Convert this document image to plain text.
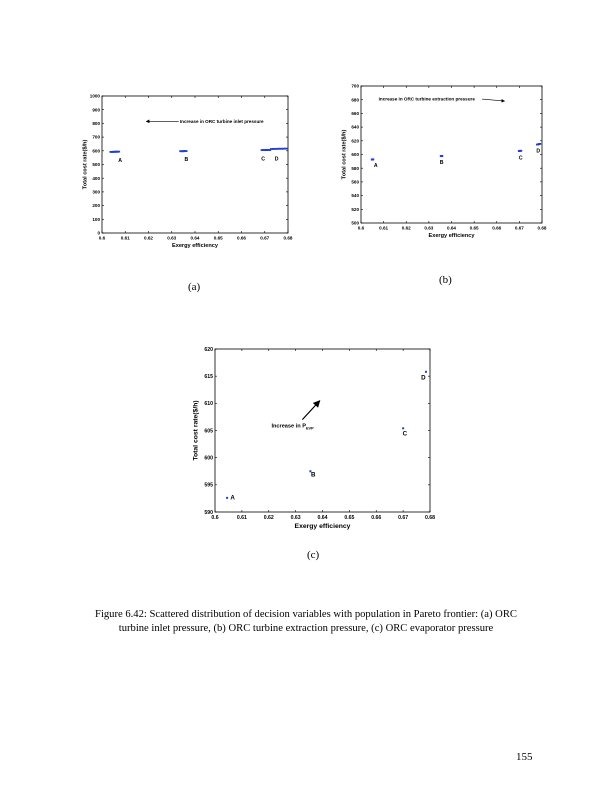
0.6	0.61	0.62	0.63	0.64	0.65	0.66	0.67	0.68
0
100
200
300
400
500
600
700
800
900
1000
Exergy efficiency
Total cost rate($/h)	A	B	C D
Increase in ORC turbine inlet pressure
(a)
0.6	0.61	0.62	0.63	0.64	0.65	0.66	0.67	0.68
500
520
540
560
580
600
620
640
660
680
700
Exergy efficiency
Total cost rate($/h)	A	B
C
D
Increase in ORC turbine extraction pressure
(b)
0.6	0.61	0.62	0.63	0.64	0.65	0.66	0.67	0.68
590
595
600
605
610
615
620
Exergy efficiency
Total cost rate($/h)
A
B
C
D
Increase in $P_{EVP}$
(c)
Figure 6.42: Scattered distribution of decision variables with population in Pareto frontier: (a) ORC
turbine inlet pressure, (b) ORC turbine extraction pressure, (c) ORC evaporator pressure
155
